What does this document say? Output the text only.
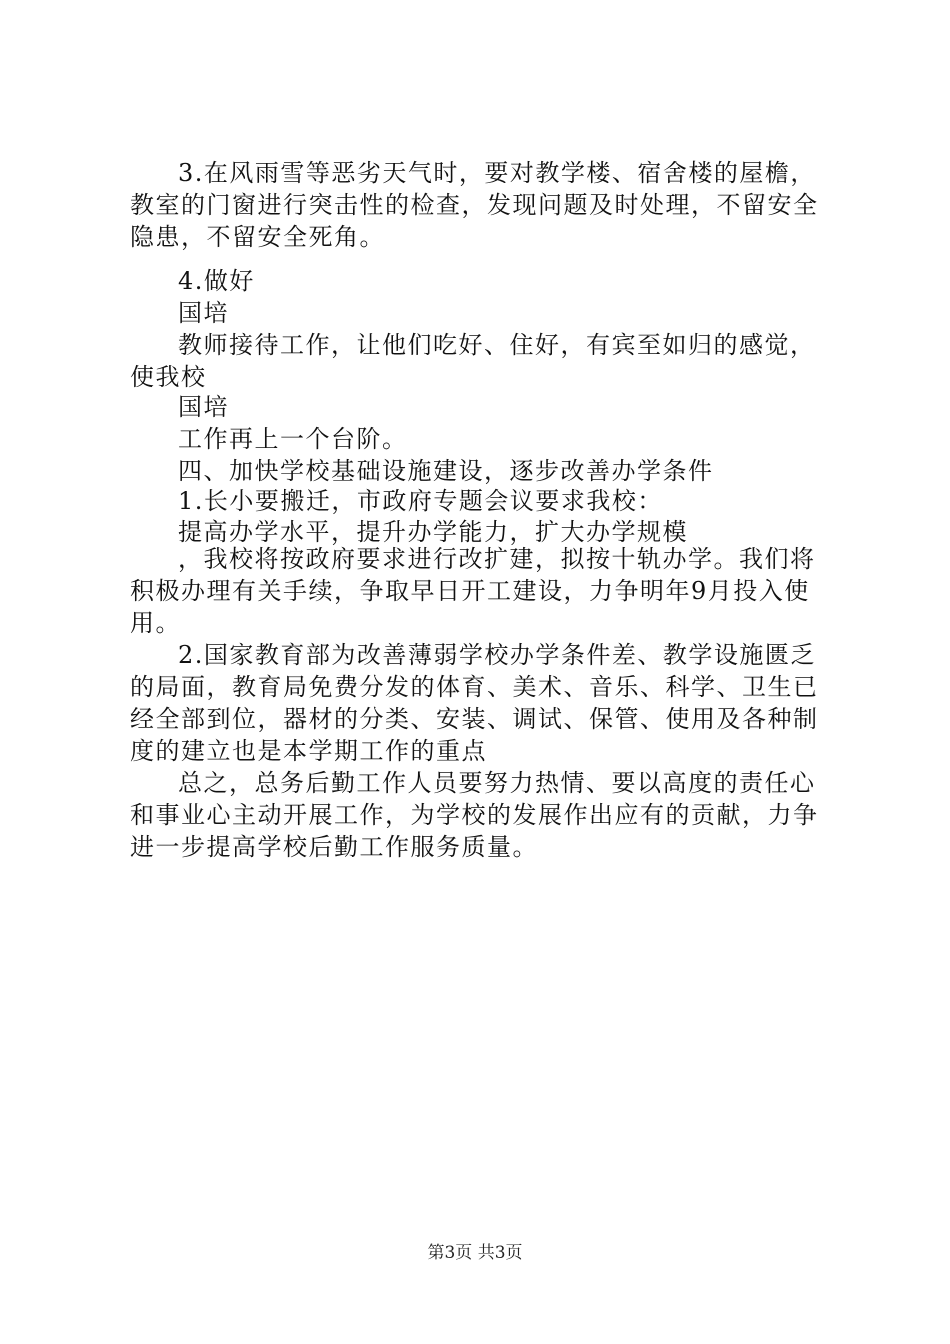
3.在风雨雪等恶劣天气时，要对教学楼、宿舍楼的屋檐，
教室的门窗进行突击性的检查，发现问题及时处理，不留安全
隐患，不留安全死角。
4.做好
国培
教师接待工作，让他们吃好、住好，有宾至如归的感觉，
使我校
国培
工作再上一个台阶。
四、加快学校基础设施建设，逐步改善办学条件
1.长小要搬迁，市政府专题会议要求我校：
提高办学水平，提升办学能力，扩大办学规模
，我校将按政府要求进行改扩建，拟按十轨办学。我们将
积极办理有关手续，争取早日开工建设，力争明年9月投入使
用。
2.国家教育部为改善薄弱学校办学条件差、教学设施匮乏
的局面，教育局免费分发的体育、美术、音乐、科学、卫生已
经全部到位，器材的分类、安装、调试、保管、使用及各种制
度的建立也是本学期工作的重点
总之，总务后勤工作人员要努力热情、要以高度的责任心
和事业心主动开展工作，为学校的发展作出应有的贡献，力争
进一步提高学校后勤工作服务质量。
第3页 共3页
